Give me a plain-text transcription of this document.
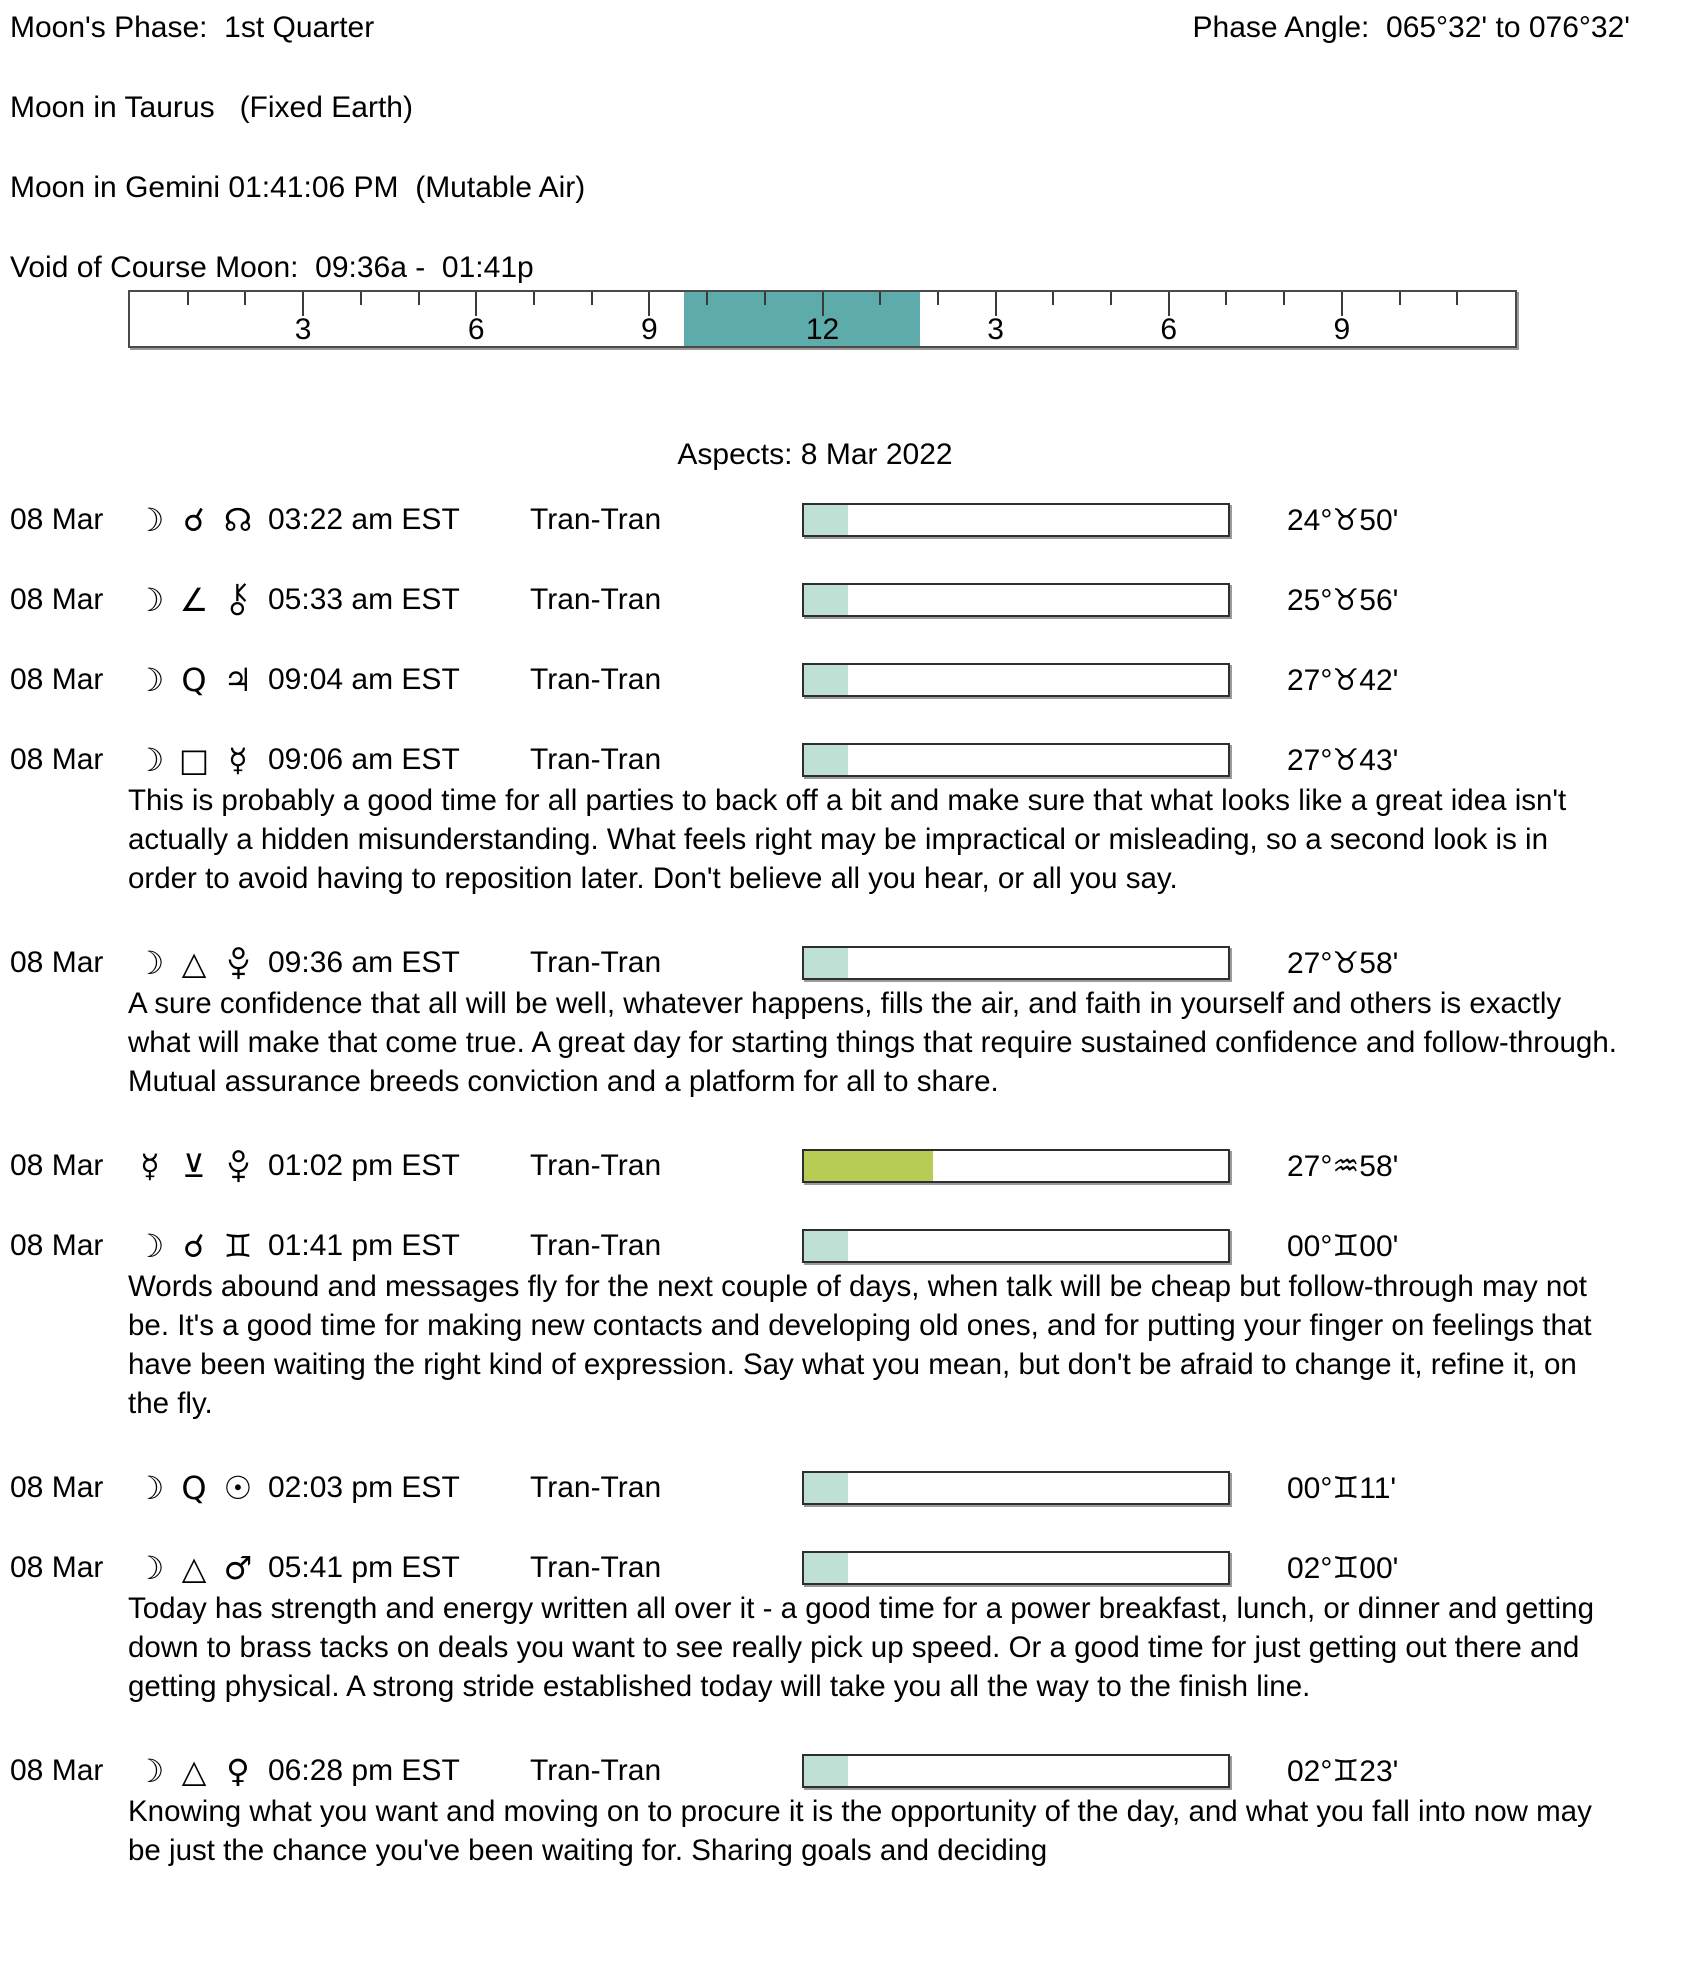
Moon's Phase:  1st Quarter	Phase Angle:  065°32' to 076°32'
Moon in Taurus   (Fixed Earth)
Moon in Gemini 01:41:06 PM  (Mutable Air)
Void of Course Moon:  09:36a -  01:41p
3	6	9	12	3	6	9
Aspects: 8 Mar 2022
08 Mar	☽ ☌ ☊ 03:22 am EST	Tran-Tran	24°♉50'
08 Mar	☽ ∠ 05:33 am EST	Tran-Tran	25°♉56'
08 Mar	☽ Q ♃ 09:04 am EST	Tran-Tran	27°♉42'
08 Mar	☽ □ ☿ 09:06 am EST	Tran-Tran	27°♉43'
This is probably a good time for all parties to back off a bit and make sure that what looks like a great idea isn't actually a hidden misunderstanding. What feels right may be impractical or misleading, so a second look is in order to avoid having to reposition later. Don't believe all you hear, or all you say.
08 Mar	☽ △	09:36 am EST	Tran-Tran	27°♉58'
A sure confidence that all will be well, whatever happens, fills the air, and faith in yourself and others is exactly what will make that come true. A great day for starting things that require sustained confidence and follow-through. Mutual assurance breeds conviction and a platform for all to share.
08 Mar	☿ ⊻	01:02 pm EST	Tran-Tran	27°♒58'
08 Mar	☽ ☌ ♊ 01:41 pm EST	Tran-Tran	00°♊00'
Words abound and messages fly for the next couple of days, when talk will be cheap but follow-through may not be. It's a good time for making new contacts and developing old ones, and for putting your finger on feelings that have been waiting the right kind of expression. Say what you mean, but don't be afraid to change it, refine it, on the fly.
08 Mar	☽ Q ☉ 02:03 pm EST	Tran-Tran	00°♊11'
08 Mar	☽ △ ♂ 05:41 pm EST	Tran-Tran	02°♊00'
Today has strength and energy written all over it - a good time for a power breakfast, lunch, or dinner and getting down to brass tacks on deals you want to see really pick up speed. Or a good time for just getting out there and getting physical. A strong stride established today will take you all the way to the finish line.
08 Mar	☽ △ ♀ 06:28 pm EST	Tran-Tran	02°♊23'
Knowing what you want and moving on to procure it is the opportunity of the day, and what you fall into now may be just the chance you've been waiting for. Sharing goals and deciding
